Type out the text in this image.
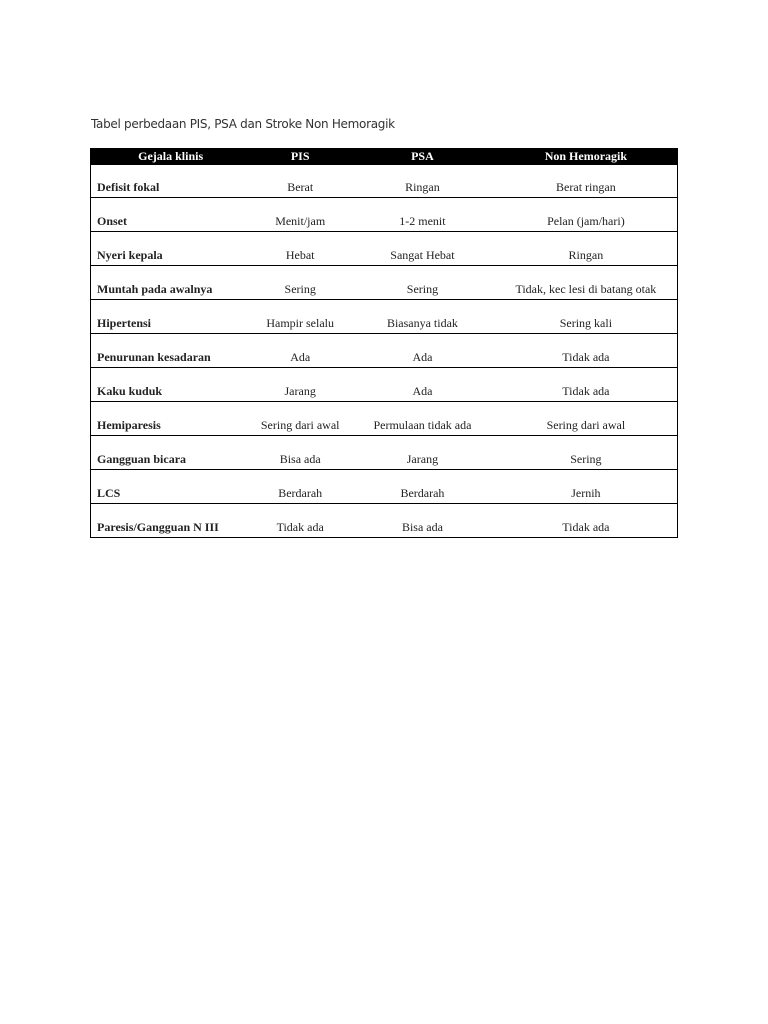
Tabel perbedaan PIS, PSA dan Stroke Non Hemoragik
Gejala klinis	PIS	PSA	Non Hemoragik
Defisit fokal	Berat	Ringan	Berat ringan
Onset	Menit/jam	1-2 menit	Pelan (jam/hari)
Nyeri kepala	Hebat	Sangat Hebat	Ringan
Muntah pada awalnya	Sering	Sering	Tidak, kec lesi di batang otak
Hipertensi	Hampir selalu	Biasanya tidak	Sering kali
Penurunan kesadaran	Ada	Ada	Tidak ada
Kaku kuduk	Jarang	Ada	Tidak ada
Hemiparesis	Sering dari awal	Permulaan tidak ada	Sering dari awal
Gangguan bicara	Bisa ada	Jarang	Sering
LCS	Berdarah	Berdarah	Jernih
Paresis/Gangguan N III	Tidak ada	Bisa ada	Tidak ada
